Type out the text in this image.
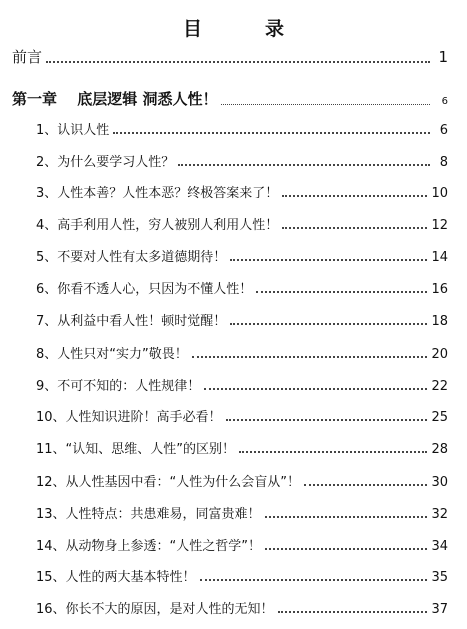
目　录
前言	1
第一章　 底层逻辑 洞悉人性！	6
1、认识人性	6
2、为什么要学习人性？	8
3、人性本善？人性本恶？终极答案来了！	10
4、高手利用人性，穷人被别人利用人性！	12
5、不要对人性有太多道德期待！	14
6、你看不透人心，只因为不懂人性！	16
7、从利益中看人性！顿时觉醒！	18
8、人性只对“实力”敬畏！	20
9、不可不知的：人性规律！	22
10、人性知识进阶！高手必看！	25
11、“认知、思维、人性”的区别！	28
12、从人性基因中看：“人性为什么会盲从”！	30
13、人性特点：共患难易，同富贵难！	32
14、从动物身上参透：“人性之哲学”！	34
15、人性的两大基本特性！	35
16、你长不大的原因，是对人性的无知！	37
